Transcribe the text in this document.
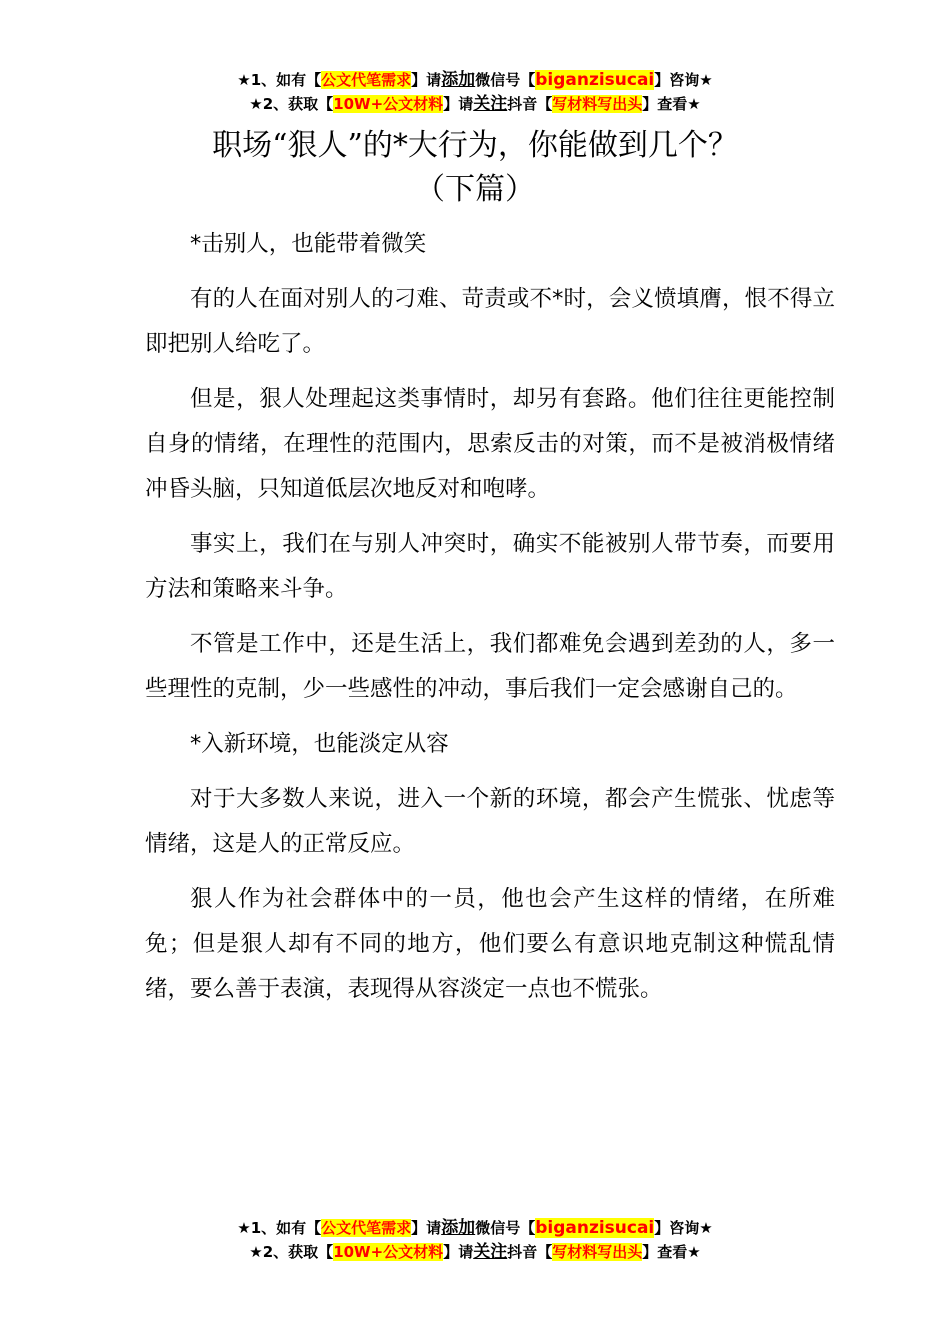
★1、如有【公文代笔需求】请添加微信号【biganzisucai】咨询★
★2、获取【10W+公文材料】请关注抖音【写材料写出头】查看★
职场“狠人”的*大行为，你能做到几个？
（下篇）

*击别人，也能带着微笑

有的人在面对别人的刁难、苛责或不*时，会义愤填膺，恨不得立即把别人给吃了。

但是，狠人处理起这类事情时，却另有套路。他们往往更能控制自身的情绪，在理性的范围内，思索反击的对策，而不是被消极情绪冲昏头脑，只知道低层次地反对和咆哮。

事实上，我们在与别人冲突时，确实不能被别人带节奏，而要用方法和策略来斗争。

不管是工作中，还是生活上，我们都难免会遇到差劲的人，多一些理性的克制，少一些感性的冲动，事后我们一定会感谢自己的。

*入新环境，也能淡定从容

对于大多数人来说，进入一个新的环境，都会产生慌张、忧虑等情绪，这是人的正常反应。

狠人作为社会群体中的一员，他也会产生这样的情绪，在所难免；但是狠人却有不同的地方，他们要么有意识地克制这种慌乱情绪，要么善于表演，表现得从容淡定一点也不慌张。

★1、如有【公文代笔需求】请添加微信号【biganzisucai】咨询★
★2、获取【10W+公文材料】请关注抖音【写材料写出头】查看★
